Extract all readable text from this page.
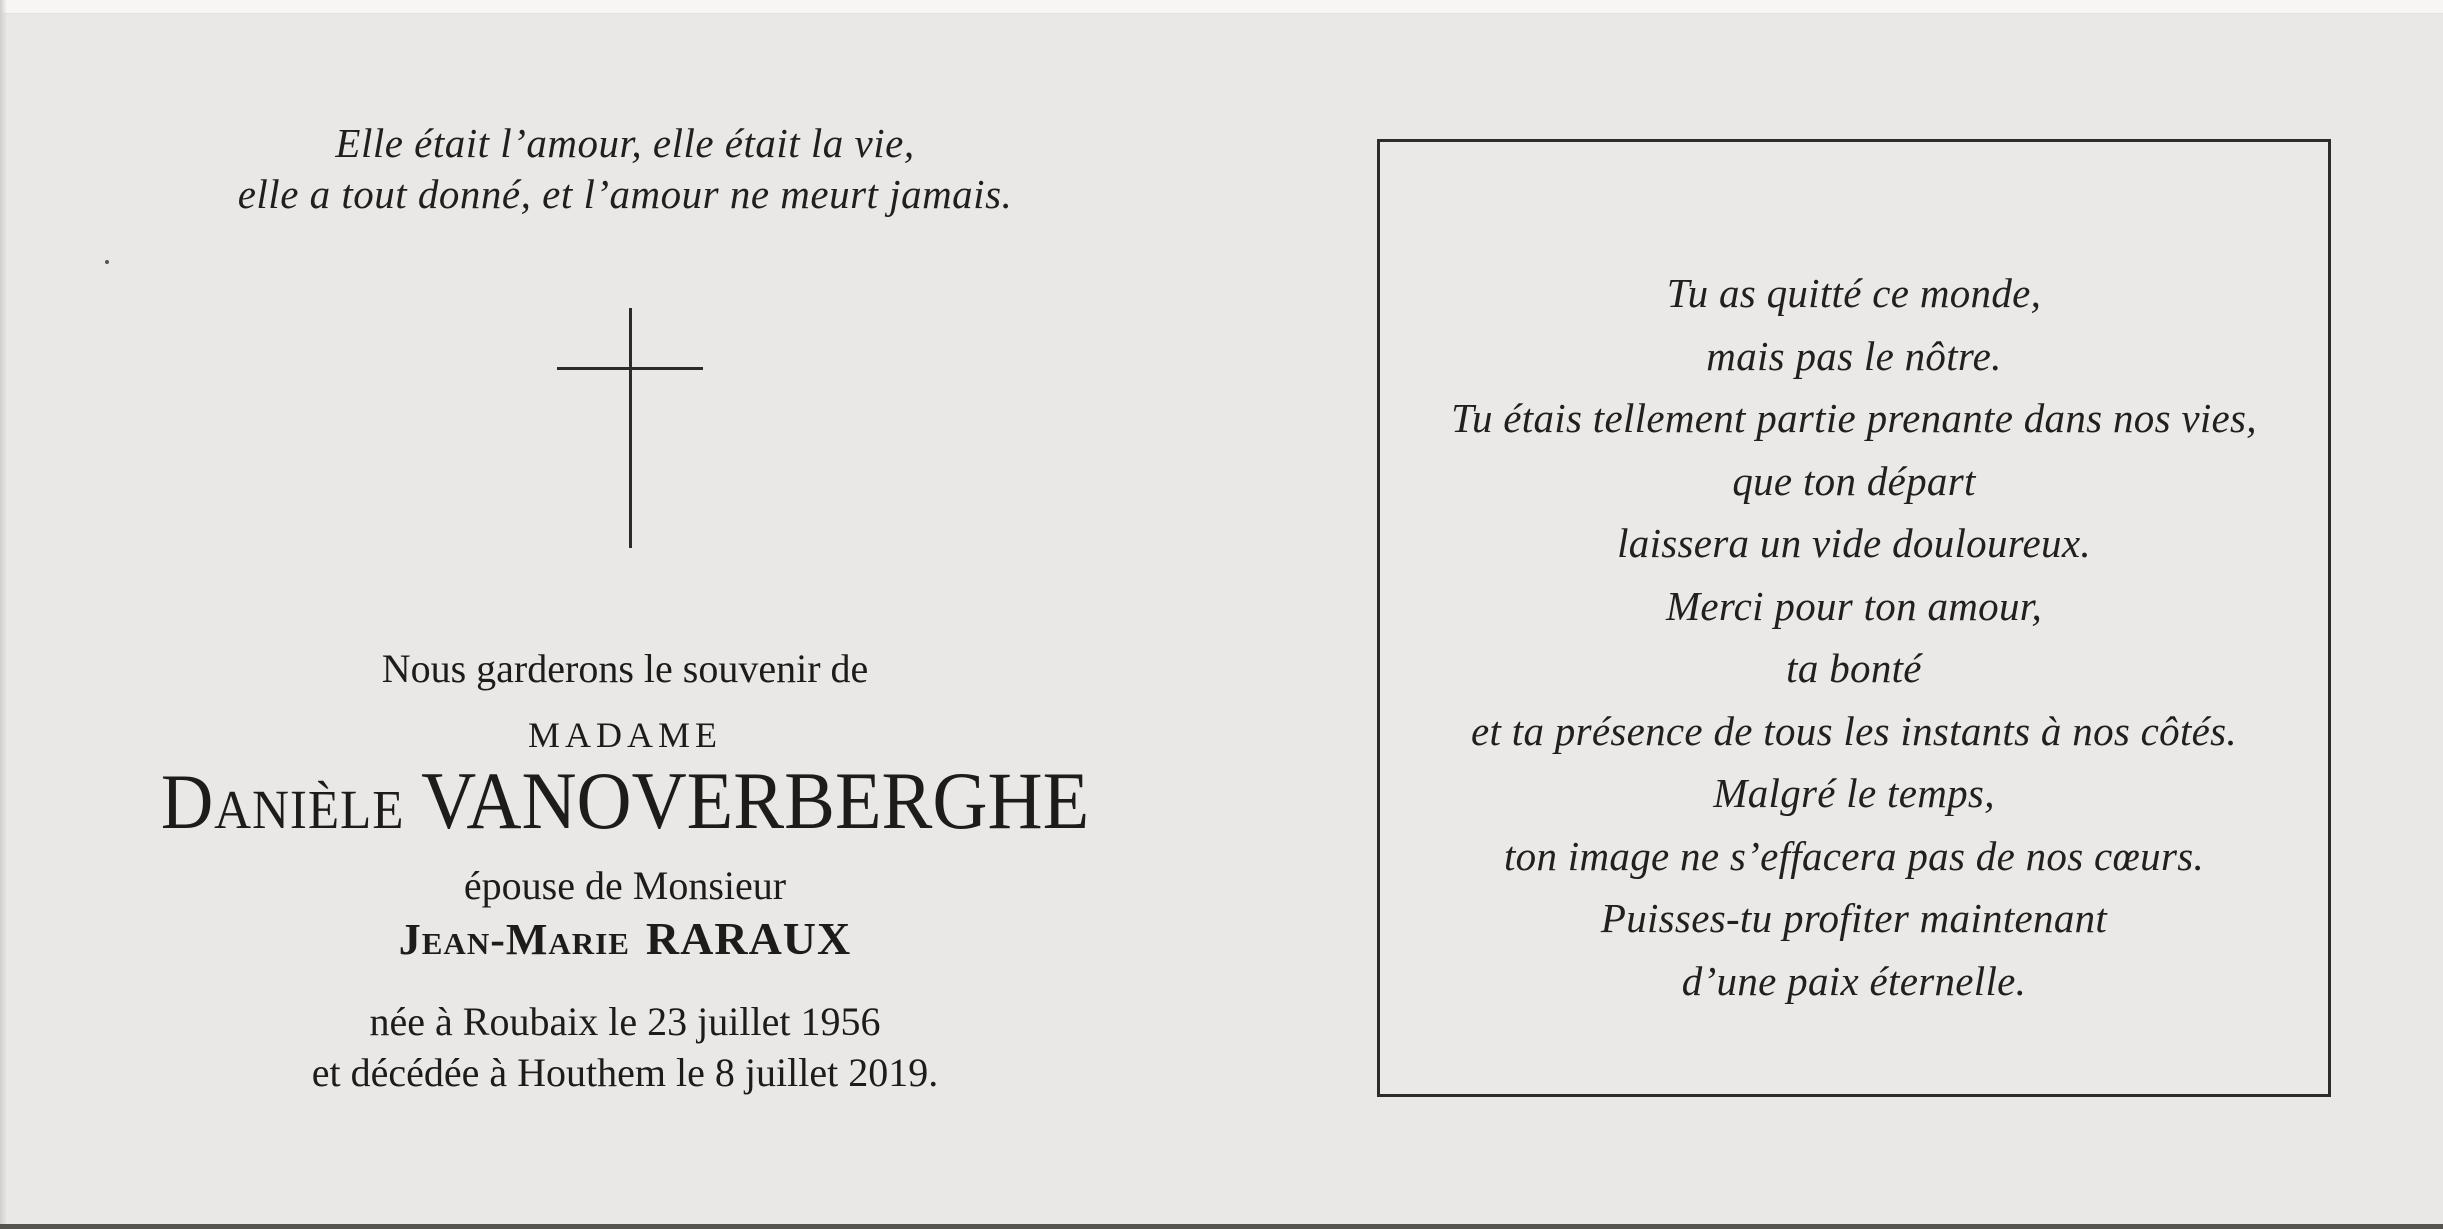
Elle était l’amour, elle était la vie,
elle a tout donné, et l’amour ne meurt jamais.
Nous garderons le souvenir de
MADAME
Danièle VANOVERBERGHE
épouse de Monsieur
Jean-Marie RARAUX
née à Roubaix le 23 juillet 1956
et décédée à Houthem le 8 juillet 2019.
Tu as quitté ce monde,
mais pas le nôtre.
Tu étais tellement partie prenante dans nos vies,
que ton départ
laissera un vide douloureux.
Merci pour ton amour,
ta bonté
et ta présence de tous les instants à nos côtés.
Malgré le temps,
ton image ne s’effacera pas de nos cœurs.
Puisses-tu profiter maintenant
d’une paix éternelle.
